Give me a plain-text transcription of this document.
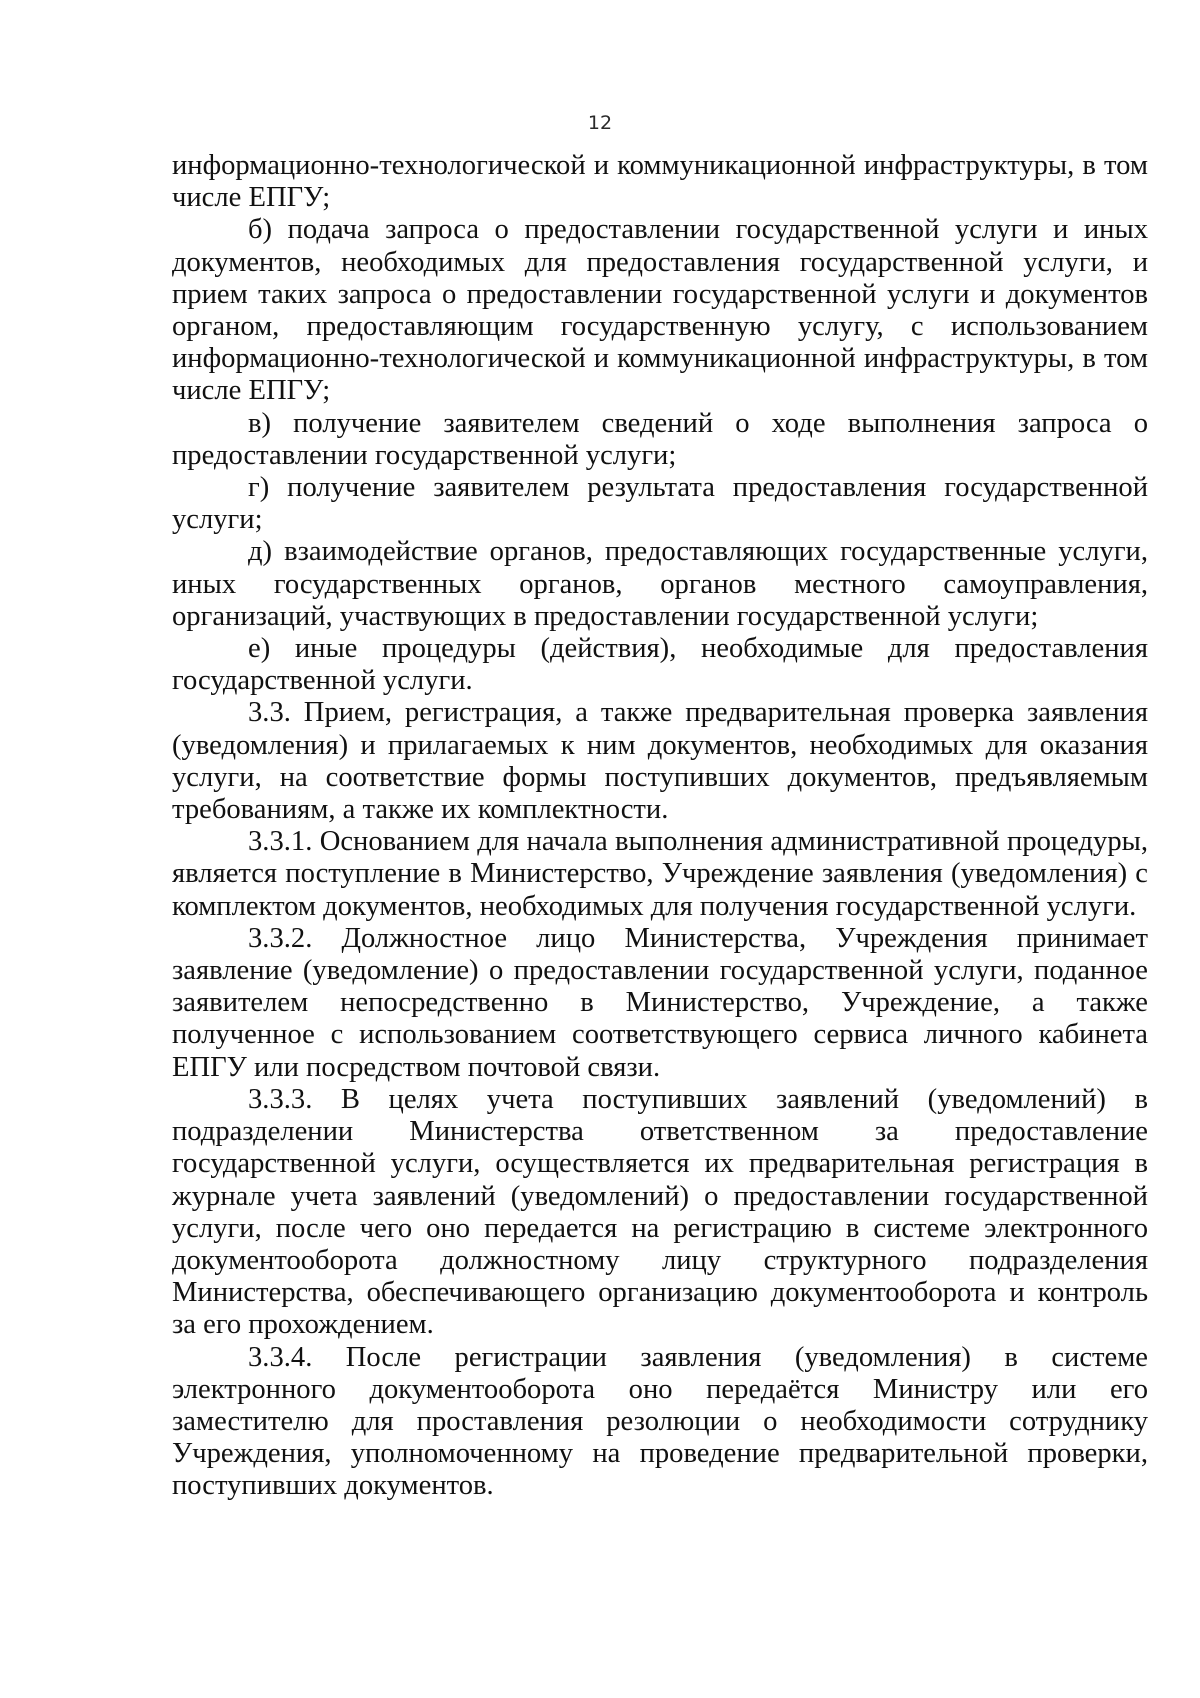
12

информационно-технологической и коммуникационной инфраструктуры, в том числе ЕПГУ;

б) подача запроса о предоставлении государственной услуги и иных документов, необходимых для предоставления государственной услуги, и прием таких запроса о предоставлении государственной услуги и документов органом, предоставляющим государственную услугу, с использованием информационно-технологической и коммуникационной инфраструктуры, в том числе ЕПГУ;

в) получение заявителем сведений о ходе выполнения запроса о предоставлении государственной услуги;

г) получение заявителем результата предоставления государственной услуги;

д) взаимодействие органов, предоставляющих государственные услуги, иных государственных органов, органов местного самоуправления, организаций, участвующих в предоставлении государственной услуги;

е) иные процедуры (действия), необходимые для предоставления государственной услуги.

3.3. Прием, регистрация, а также предварительная проверка заявления (уведомления) и прилагаемых к ним документов, необходимых для оказания услуги, на соответствие формы поступивших документов, предъявляемым требованиям, а также их комплектности.

3.3.1. Основанием для начала выполнения административной процедуры, является поступление в Министерство, Учреждение заявления (уведомления) с комплектом документов, необходимых для получения государственной услуги.

3.3.2. Должностное лицо Министерства, Учреждения принимает заявление (уведомление) о предоставлении государственной услуги, поданное заявителем непосредственно в Министерство, Учреждение, а также полученное с использованием соответствующего сервиса личного кабинета ЕПГУ или посредством почтовой связи.

3.3.3. В целях учета поступивших заявлений (уведомлений) в подразделении Министерства ответственном за предоставление государственной услуги, осуществляется их предварительная регистрация в журнале учета заявлений (уведомлений) о предоставлении государственной услуги, после чего оно передается на регистрацию в системе электронного документооборота должностному лицу структурного подразделения Министерства, обеспечивающего организацию документооборота и контроль за его прохождением.

3.3.4. После регистрации заявления (уведомления) в системе электронного документооборота оно передаётся Министру или его заместителю для проставления резолюции о необходимости сотруднику Учреждения, уполномоченному на проведение предварительной проверки, поступивших документов.
